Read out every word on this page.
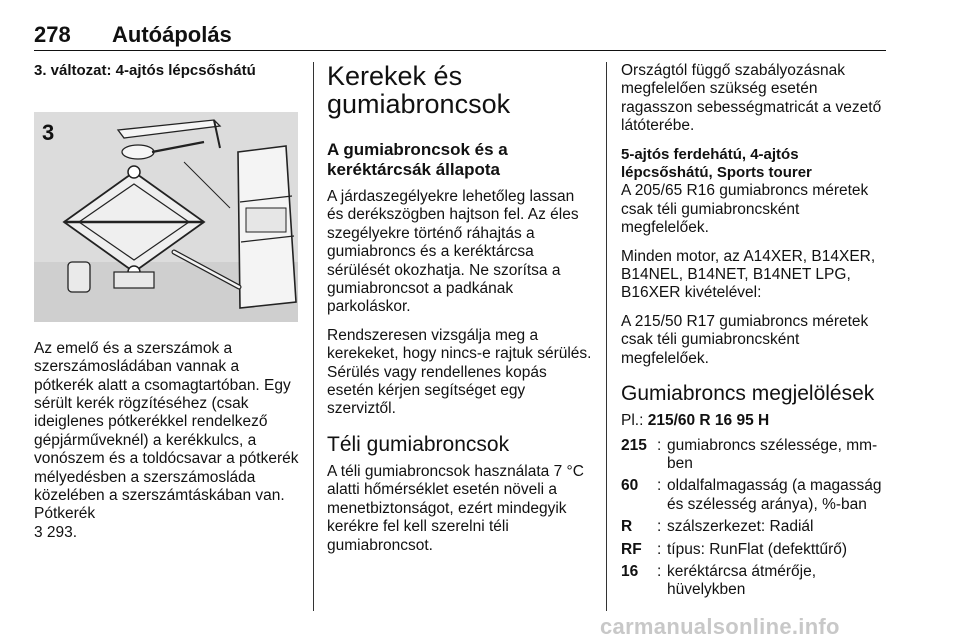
278 Autóápolás
3. változat: 4-ajtós lépcsőshátú
3

Az emelő és a szerszámok a szerszámosládában vannak a pótkerék alatt a csomagtartóban. Egy sérült kerék rögzítéséhez (csak ideiglenes pótkerékkel rendelkező gépjárműveknél) a kerékkulcs, a vonószem és a toldócsavar a pótkerék mélyedésben a szerszámosláda közelében a szerszámtáskában van. Pótkerék

3 293.

Kerekek és gumiabroncsok
A gumiabroncsok és a keréktárcsák állapota

A járdaszegélyekre lehetőleg lassan és derékszögben hajtson fel. Az éles szegélyekre történő ráhajtás a gumiabroncs és a keréktárcsa sérülését okozhatja. Ne szorítsa a gumiabroncsot a padkának parkoláskor.

Rendszeresen vizsgálja meg a kerekeket, hogy nincs-e rajtuk sérülés. Sérülés vagy rendellenes kopás esetén kérjen segítséget egy szerviztől.

Téli gumiabroncsok

A téli gumiabroncsok használata 7 °C alatti hőmérséklet esetén növeli a menetbiztonságot, ezért mindegyik kerékre fel kell szerelni téli gumiabroncsot.

Országtól függő szabályozásnak megfelelően szükség esetén ragasszon sebességmatricát a vezető látóterébe.

5-ajtós ferdehátú, 4-ajtós lépcsőshátú, Sports tourer

A 205/65 R16 gumiabroncs méretek csak téli gumiabroncsként megfelelőek.

Minden motor, az A14XER, B14XER, B14NEL, B14NET, B14NET LPG, B16XER kivételével:

A 215/50 R17 gumiabroncs méretek csak téli gumiabroncsként megfelelőek.

Gumiabroncs megjelölések

Pl.: 215/60 R 16 95 H

215 : gumiabroncs szélessége, mm-ben
60	: oldalfalmagasság (a magasság és szélesség aránya), %-ban
R	: szálszerkezet: Radiál
RF : típus: RunFlat (defekttűrő)
16	: keréktárcsa átmérője, hüvelykben
carmanualsonline.info
